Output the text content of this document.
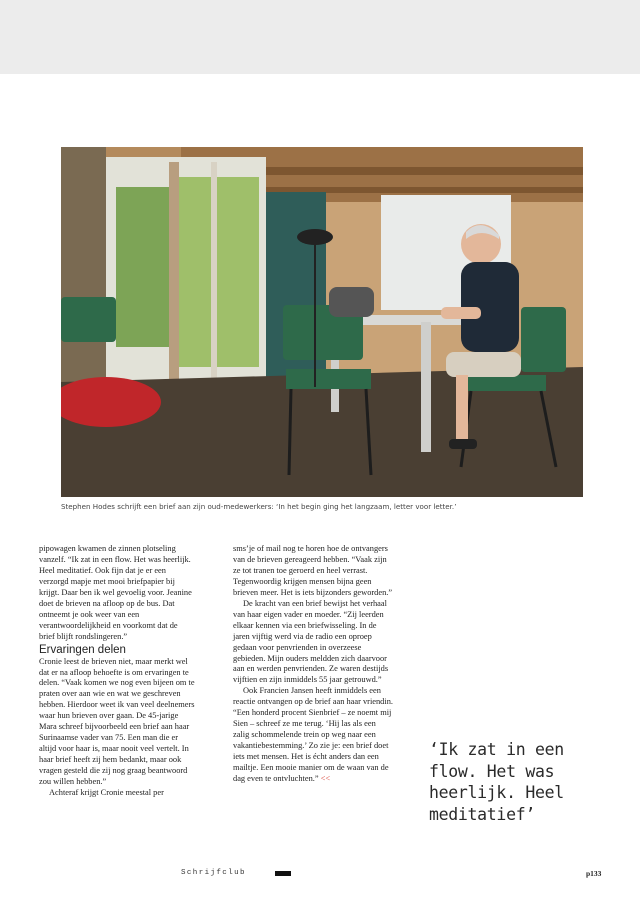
Stephen Hodes schrijft een brief aan zijn oud-medewerkers: ‘In het begin ging het langzaam, letter voor letter.’

pipowagen kwamen de zinnen plotseling vanzelf. “Ik zat in een flow. Het was heerlijk. Heel meditatief. Ook fijn dat je er een verzorgd mapje met mooi briefpapier bij krijgt. Daar ben ik wel gevoelig voor. Jeanine doet de brieven na afloop op de bus. Dat ontneemt je ook weer van een verantwoordelijkheid en voorkomt dat de brief blijft rondslingeren.”

Ervaringen delen

Cronie leest de brieven niet, maar merkt wel dat er na afloop behoefte is om ervaringen te delen. “Vaak komen we nog even bijeen om te praten over aan wie en wat we geschreven hebben. Hierdoor weet ik van veel deelnemers waar hun brieven over gaan. De 45-jarige Mara schreef bijvoorbeeld een brief aan haar Surinaamse vader van 75. Een man die er altijd voor haar is, maar nooit veel vertelt. In haar brief heeft zij hem bedankt, maar ook vragen gesteld die zij nog graag beantwoord zou willen hebben.”

Achteraf krijgt Cronie meestal per

sms’je of mail nog te horen hoe de ontvangers van de brieven gereageerd hebben. “Vaak zijn ze tot tranen toe geroerd en heel verrast. Tegenwoordig krijgen mensen bijna geen brieven meer. Het is iets bijzonders geworden.”

De kracht van een brief bewijst het verhaal van haar eigen vader en moeder. “Zij leerden elkaar kennen via een briefwisseling. In de jaren vijftig werd via de radio een oproep gedaan voor penvrienden in overzeese gebieden. Mijn ouders meldden zich daarvoor aan en werden penvrienden. Ze waren destijds vijftien en zijn inmiddels 55 jaar getrouwd.”

Ook Francien Jansen heeft inmiddels een reactie ontvangen op de brief aan haar vriendin. “Een honderd procent Sienbrief – ze noemt mij Sien – schreef ze me terug. ‘Hij las als een zalig schommelende trein op weg naar een vakantiebestemming.’ Zo zie je: een brief doet iets met mensen. Het is écht anders dan een mailtje. Een mooie manier om de waan van de dag even te ontvluchten.” <<

‘Ik zat in een flow. Het was heerlijk. Heel meditatief’
Schrijfclub	p133
